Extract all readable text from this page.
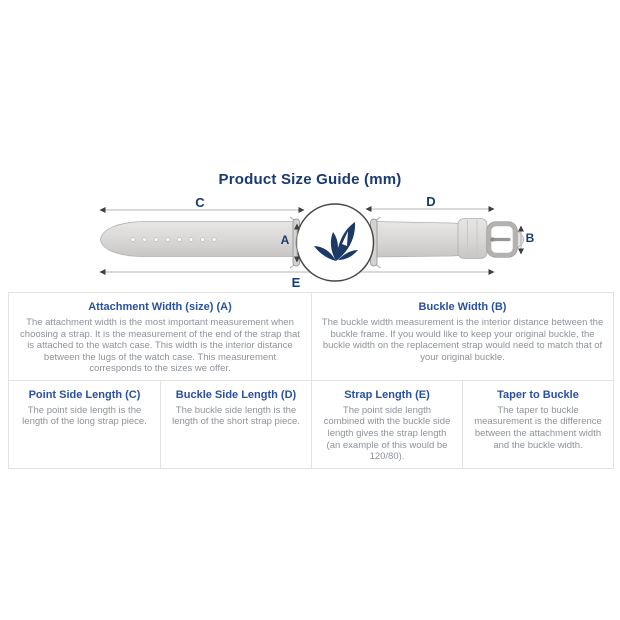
Product Size Guide (mm)
C	D
A	B
E
Attachment Width (size) (A)
The attachment width is the most important measurement when choosing a strap. It is the measurement of the end of the strap that is attached to the watch case. This width is the interior distance between the lugs of the watch case. This measurement corresponds to the sizes we offer.
Buckle Width (B)
The buckle width measurement is the interior distance between the buckle frame. If you would like to keep your original buckle, the buckle width on the replacement strap would need to match that of your original buckle.
Point Side Length (C)
The point side length is the length of the long strap piece.
Buckle Side Length (D)
The buckle side length is the length of the short strap piece.
Strap Length (E)
The point side length combined with the buckle side length gives the strap length (an example of this would be 120/80).
Taper to Buckle
The taper to buckle measurement is the difference between the attachment width and the buckle width.
